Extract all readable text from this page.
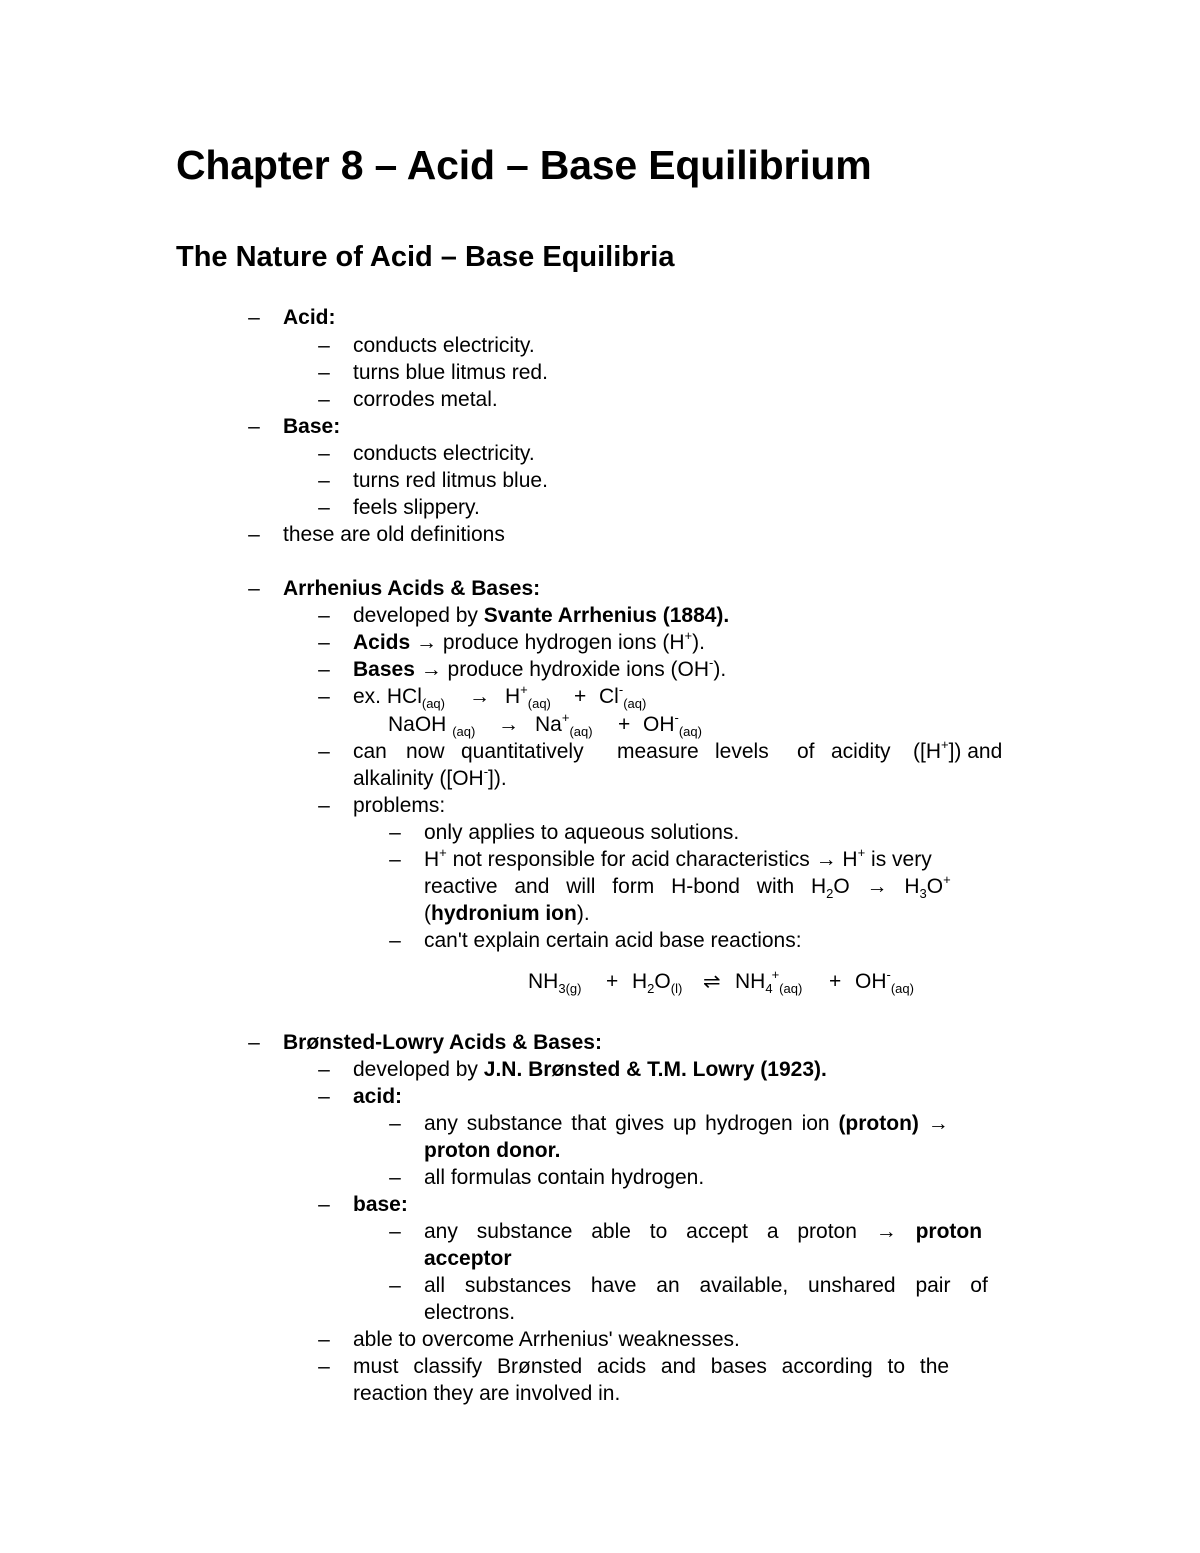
Chapter 8 – Acid – Base Equilibrium
The Nature of Acid – Base Equilibria
– Acid:
– conducts electricity.
– turns blue litmus red.
– corrodes metal.
– Base:
– conducts electricity.
– turns red litmus blue.
– feels slippery.
– these are old definitions
– Arrhenius Acids & Bases:
– developed by Svante Arrhenius (1884).
– Acids → produce hydrogen ions (H+).
– Bases → produce hydroxide ions (OH-).
– ex. $HCl_{(aq)} \to H^+_{(aq)} + Cl^-_{(aq)}$
NaOH $_{(aq)} \to Na^+_{(aq)} + OH^-_{(aq)}$
– can now quantitatively measure levels of acidity ([H+]) and
alkalinity ([OH-]).
– problems:
– only applies to aqueous solutions.
– H+ not responsible for acid characteristics → H+ is very
reactive and will form H-bond with $H_2O \to H_3O^+$
(hydronium ion).
– can't explain certain acid base reactions:
$NH_{3(g)} + H_2O_{(l)}$ ⇌ $NH_4^+_{(aq)} + OH^-_{(aq)}$
– Brønsted-Lowry Acids & Bases:
– developed by J.N. Brønsted & T.M. Lowry (1923).
– acid:
– any substance that gives up hydrogen ion (proton) →
proton donor.
– all formulas contain hydrogen.
– base:
– any substance able to accept a proton → proton
acceptor
– all substances have an available, unshared pair of
electrons.
– able to overcome Arrhenius' weaknesses.
– must classify Brønsted acids and bases according to the
reaction they are involved in.
